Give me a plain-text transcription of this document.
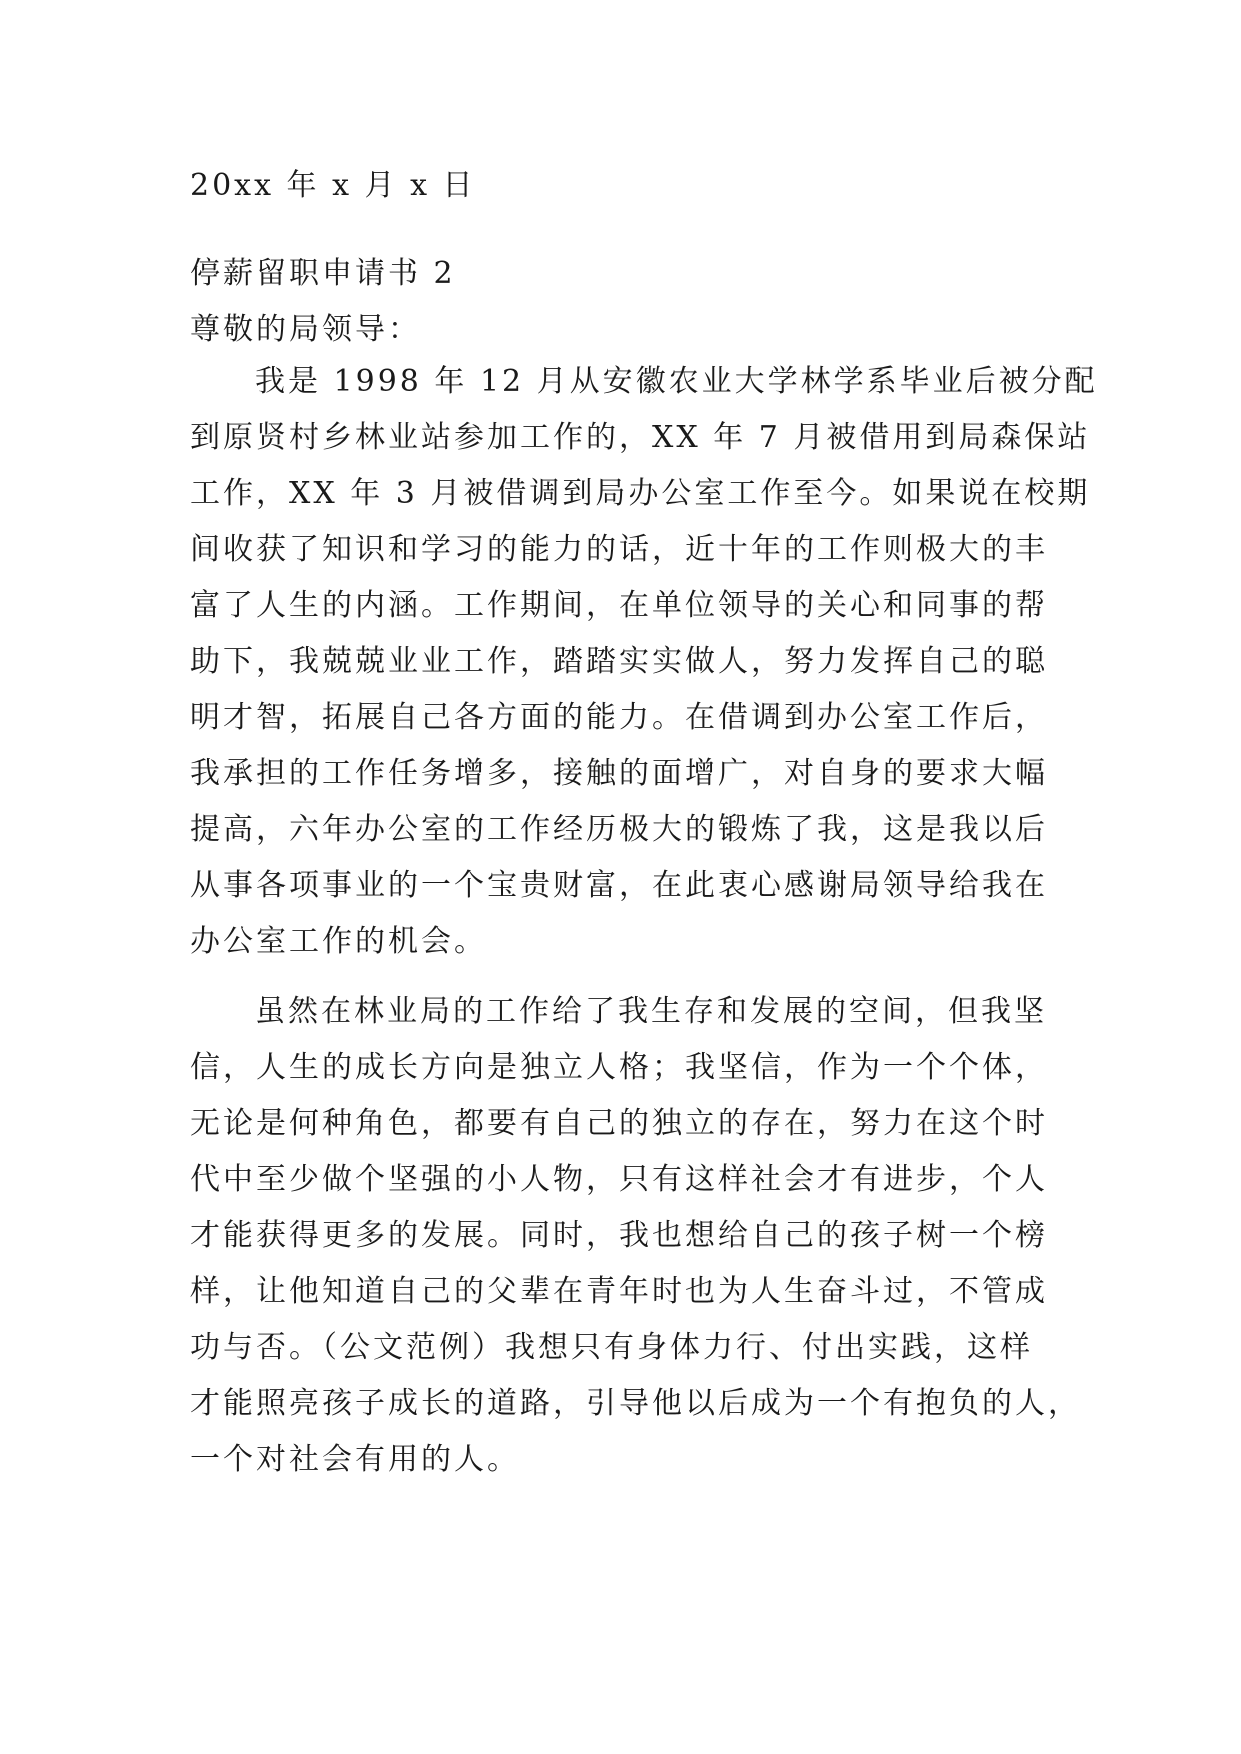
20xx 年 x 月 x 日
停薪留职申请书 2
尊敬的局领导：
我是 1998 年 12 月从安徽农业大学林学系毕业后被分配
到原贤村乡林业站参加工作的，XX 年 7 月被借用到局森保站
工作，XX 年 3 月被借调到局办公室工作至今。如果说在校期
间收获了知识和学习的能力的话，近十年的工作则极大的丰
富了人生的内涵。工作期间，在单位领导的关心和同事的帮
助下，我兢兢业业工作，踏踏实实做人，努力发挥自己的聪
明才智，拓展自己各方面的能力。在借调到办公室工作后，
我承担的工作任务增多，接触的面增广，对自身的要求大幅
提高，六年办公室的工作经历极大的锻炼了我，这是我以后
从事各项事业的一个宝贵财富，在此衷心感谢局领导给我在
办公室工作的机会。
虽然在林业局的工作给了我生存和发展的空间，但我坚
信，人生的成长方向是独立人格；我坚信，作为一个个体，
无论是何种角色，都要有自己的独立的存在，努力在这个时
代中至少做个坚强的小人物，只有这样社会才有进步，个人
才能获得更多的发展。同时，我也想给自己的孩子树一个榜
样，让他知道自己的父辈在青年时也为人生奋斗过，不管成
功与否。（公文范例）我想只有身体力行、付出实践，这样
才能照亮孩子成长的道路，引导他以后成为一个有抱负的人，
一个对社会有用的人。
